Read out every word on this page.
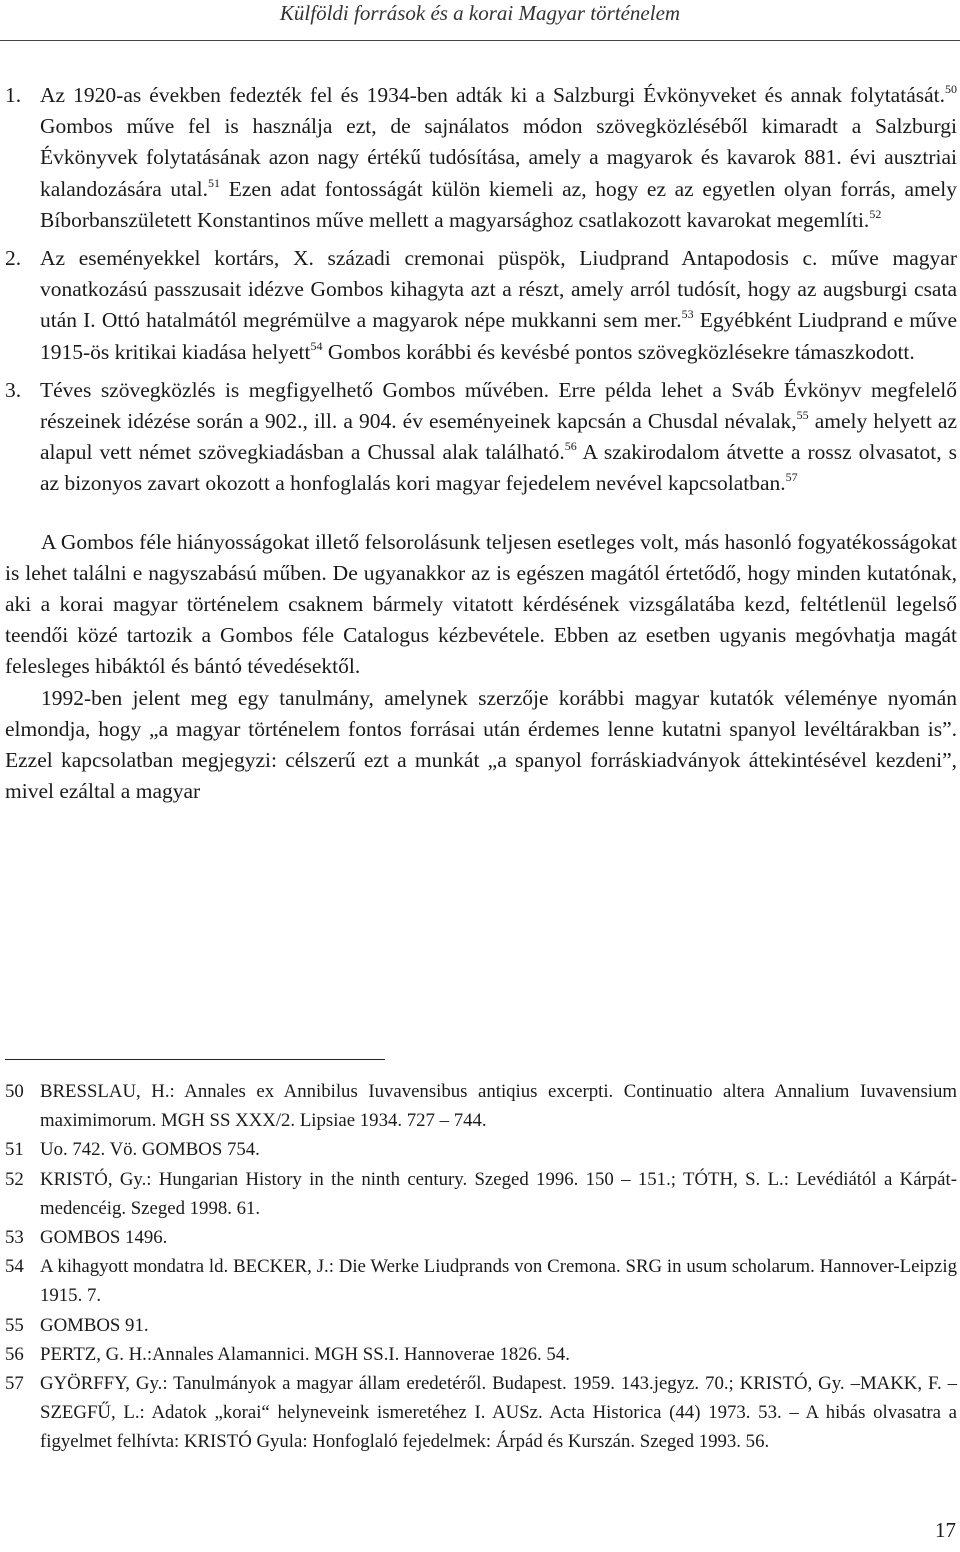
Külföldi források és a korai Magyar történelem
1. Az 1920-as években fedezték fel és 1934-ben adták ki a Salzburgi Évkönyveket és annak folytatását.$^{50}$ Gombos műve fel is használja ezt, de sajnálatos módon szövegközléséből kimaradt a Salzburgi Évkönyvek folytatásának azon nagy értékű tudósítása, amely a magyarok és kavarok 881. évi ausztriai kalandozására utal.$^{51}$ Ezen adat fontosságát külön kiemeli az, hogy ez az egyetlen olyan forrás, amely Bíborbanszületett Konstantinos műve mellett a magyarsághoz csatlakozott kavarokat megemlíti.$^{52}$
2. Az eseményekkel kortárs, X. századi cremonai püspök, Liudprand Antapodosis c. műve magyar vonatkozású passzusait idézve Gombos kihagyta azt a részt, amely arról tudósít, hogy az augsburgi csata után I. Ottó hatalmától megrémülve a magyarok népe mukkanni sem mer.$^{53}$ Egyébként Liudprand e műve 1915-ös kritikai kiadása helyett$^{54}$ Gombos korábbi és kevésbé pontos szövegközlésekre támaszkodott.
3. Téves szövegközlés is megfigyelhető Gombos művében. Erre példa lehet a Sváb Évkönyv megfelelő részeinek idézése során a 902., ill. a 904. év eseményeinek kapcsán a Chusdal névalak,$^{55}$ amely helyett az alapul vett német szövegkiadásban a Chussal alak található.$^{56}$ A szakirodalom átvette a rossz olvasatot, s az bizonyos zavart okozott a honfoglalás kori magyar fejedelem nevével kapcsolatban.$^{57}$

A Gombos féle hiányosságokat illető felsorolásunk teljesen esetleges volt, más hasonló fogyatékosságokat is lehet találni e nagyszabású műben. De ugyanakkor az is egészen magától értetődő, hogy minden kutatónak, aki a korai magyar történelem csaknem bármely vitatott kérdésének vizsgálatába kezd, feltétlenül legelső teendői közé tartozik a Gombos féle Catalogus kézbevétele. Ebben az esetben ugyanis megóvhatja magát felesleges hibáktól és bántó tévedésektől.

1992-ben jelent meg egy tanulmány, amelynek szerzője korábbi magyar kutatók véleménye nyomán elmondja, hogy „a magyar történelem fontos forrásai után érdemes lenne kutatni spanyol levéltárakban is”. Ezzel kapcsolatban megjegyzi: célszerű ezt a munkát „a spanyol forráskiadványok áttekintésével kezdeni”, mivel ezáltal a magyar

50 BRESSLAU, H.: Annales ex Annibilus Iuvavensibus antiqius excerpti. Continuatio altera Annalium Iuvavensium maximimorum. MGH SS XXX/2. Lipsiae 1934. 727 – 744.
51 Uo. 742. Vö. GOMBOS 754.
52 KRISTÓ, Gy.: Hungarian History in the ninth century. Szeged 1996. 150 – 151.; TÓTH, S. L.: Levédiától a Kárpát-medencéig. Szeged 1998. 61.
53 GOMBOS 1496.
54 A kihagyott mondatra ld. BECKER, J.: Die Werke Liudprands von Cremona. SRG in usum scholarum. Hannover-Leipzig 1915. 7.
55 GOMBOS 91.
56 PERTZ, G. H.:Annales Alamannici. MGH SS.I. Hannoverae 1826. 54.
57 GYÖRFFY, Gy.: Tanulmányok a magyar állam eredetéről. Budapest. 1959. 143.jegyz. 70.; KRISTÓ, Gy. –MAKK, F. – SZEGFŰ, L.: Adatok „korai“ helyneveink ismeretéhez I. AUSz. Acta Historica (44) 1973. 53. – A hibás olvasatra a figyelmet felhívta: KRISTÓ Gyula: Honfoglaló fejedelmek: Árpád és Kurszán. Szeged 1993. 56.
17
